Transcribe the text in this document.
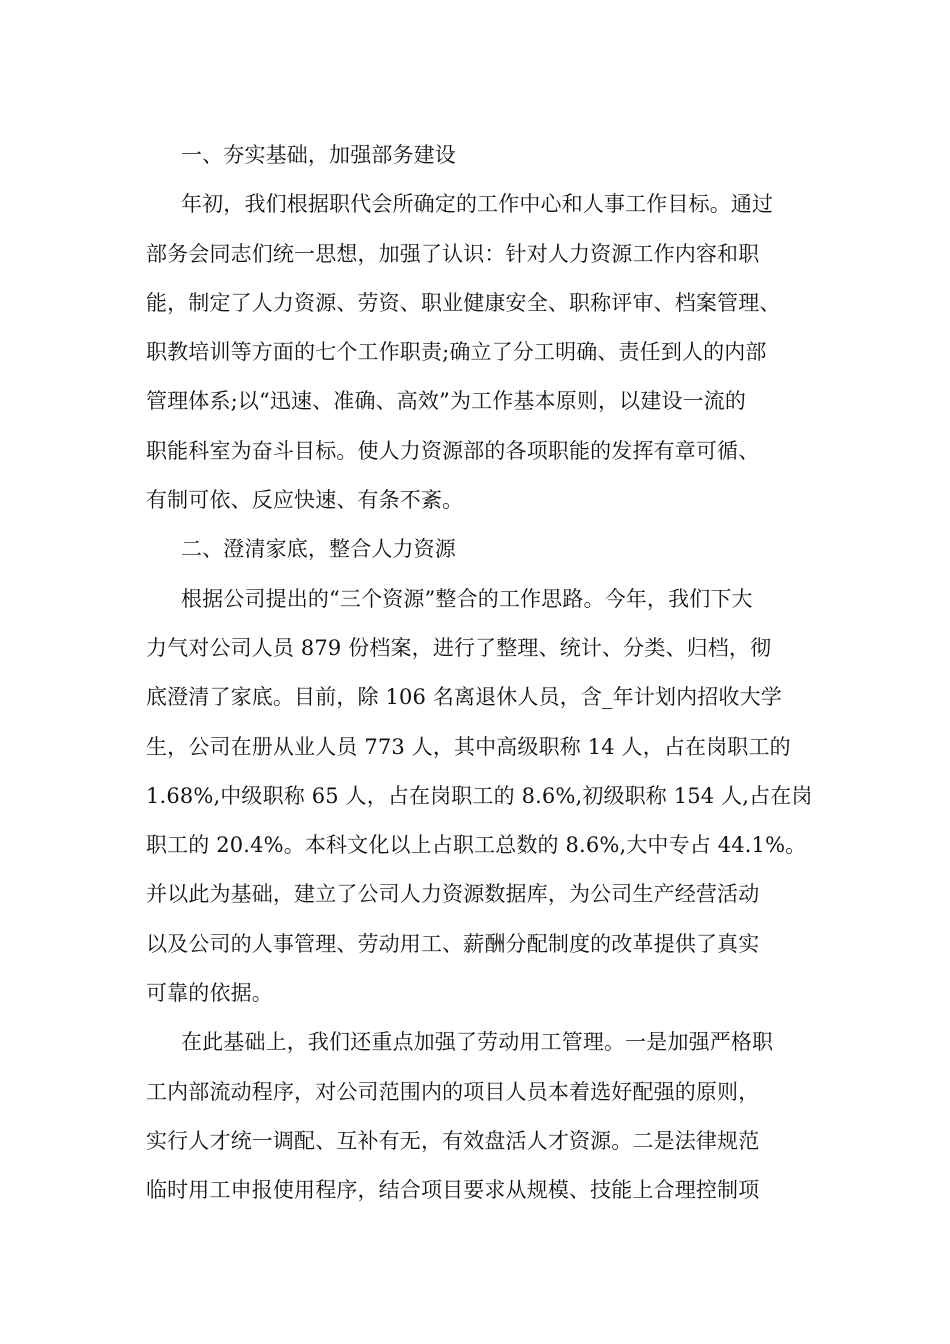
一、夯实基础，加强部务建设
年初，我们根据职代会所确定的工作中心和人事工作目标。通过
部务会同志们统一思想，加强了认识：针对人力资源工作内容和职
能，制定了人力资源、劳资、职业健康安全、职称评审、档案管理、
职教培训等方面的七个工作职责;确立了分工明确、责任到人的内部
管理体系;以“迅速、准确、高效”为工作基本原则，以建设一流的
职能科室为奋斗目标。使人力资源部的各项职能的发挥有章可循、
有制可依、反应快速、有条不紊。
二、澄清家底，整合人力资源
根据公司提出的“三个资源”整合的工作思路。今年，我们下大
力气对公司人员 879 份档案，进行了整理、统计、分类、归档，彻
底澄清了家底。目前，除 106 名离退休人员，含_年计划内招收大学
生，公司在册从业人员 773 人，其中高级职称 14 人，占在岗职工的
1.68%,中级职称 65 人，占在岗职工的 8.6%,初级职称 154 人,占在岗
职工的 20.4%。本科文化以上占职工总数的 8.6%,大中专占 44.1%。
并以此为基础，建立了公司人力资源数据库，为公司生产经营活动
以及公司的人事管理、劳动用工、薪酬分配制度的改革提供了真实
可靠的依据。
在此基础上，我们还重点加强了劳动用工管理。一是加强严格职
工内部流动程序，对公司范围内的项目人员本着选好配强的原则，
实行人才统一调配、互补有无，有效盘活人才资源。二是法律规范
临时用工申报使用程序，结合项目要求从规模、技能上合理控制项
